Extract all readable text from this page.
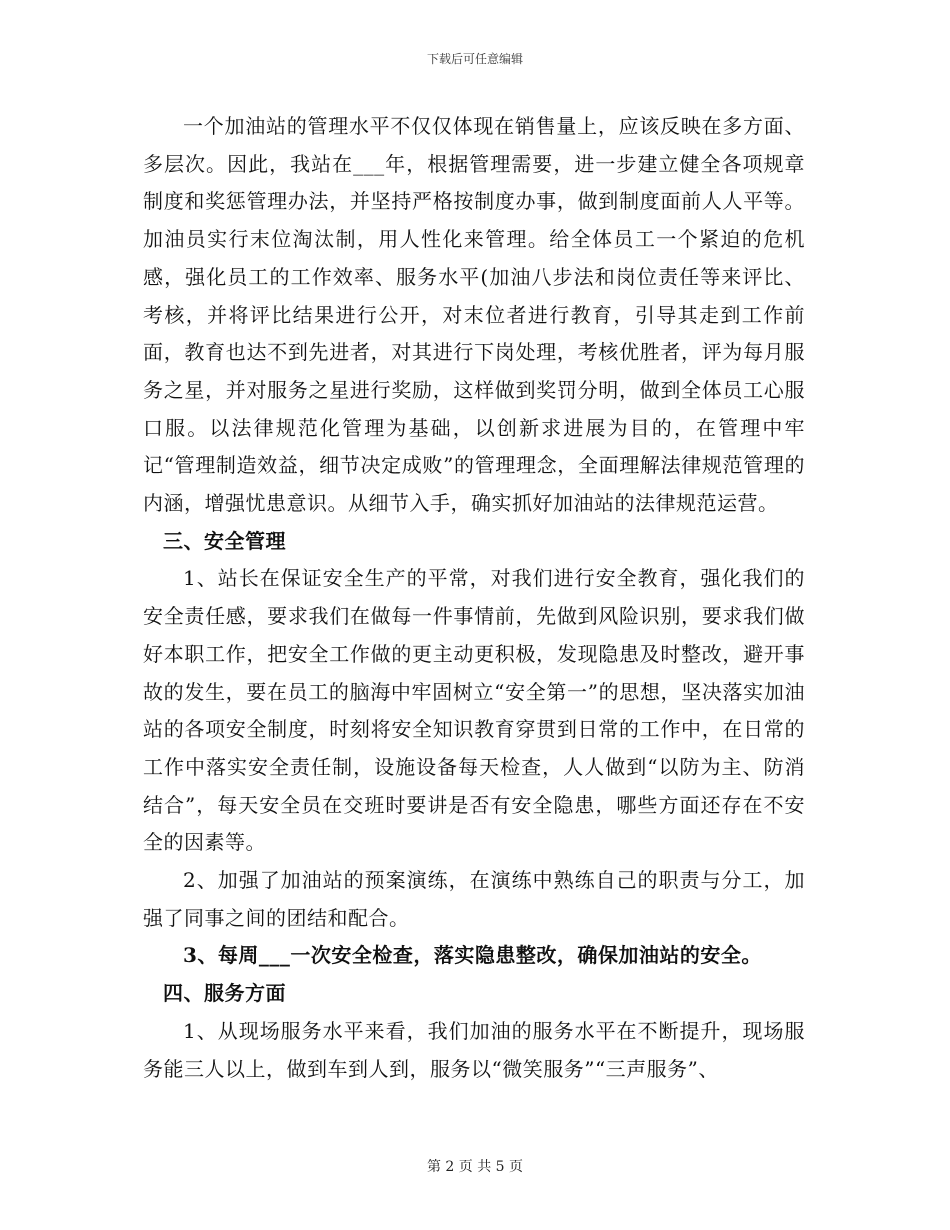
下载后可任意编辑

一个加油站的管理水平不仅仅体现在销售量上，应该反映在多方面、多层次。因此，我站在___年，根据管理需要，进一步建立健全各项规章制度和奖惩管理办法，并坚持严格按制度办事，做到制度面前人人平等。加油员实行末位淘汰制，用人性化来管理。给全体员工一个紧迫的危机感，强化员工的工作效率、服务水平(加油八步法和岗位责任等来评比、考核，并将评比结果进行公开，对末位者进行教育，引导其走到工作前面，教育也达不到先进者，对其进行下岗处理，考核优胜者，评为每月服务之星，并对服务之星进行奖励，这样做到奖罚分明，做到全体员工心服口服。以法律规范化管理为基础，以创新求进展为目的，在管理中牢记“管理制造效益，细节决定成败”的管理理念，全面理解法律规范管理的内涵，增强忧患意识。从细节入手，确实抓好加油站的法律规范运营。

三、安全管理

1、站长在保证安全生产的平常，对我们进行安全教育，强化我们的安全责任感，要求我们在做每一件事情前，先做到风险识别，要求我们做好本职工作，把安全工作做的更主动更积极，发现隐患及时整改，避开事故的发生，要在员工的脑海中牢固树立“安全第一”的思想，坚决落实加油站的各项安全制度，时刻将安全知识教育穿贯到日常的工作中，在日常的工作中落实安全责任制，设施设备每天检查，人人做到“以防为主、防消结合”，每天安全员在交班时要讲是否有安全隐患，哪些方面还存在不安全的因素等。

2、加强了加油站的预案演练，在演练中熟练自己的职责与分工，加强了同事之间的团结和配合。

3、每周___一次安全检查，落实隐患整改，确保加油站的安全。

四、服务方面

1、从现场服务水平来看，我们加油的服务水平在不断提升，现场服务能三人以上，做到车到人到，服务以“微笑服务”“三声服务”、

第 2 页 共 5 页
